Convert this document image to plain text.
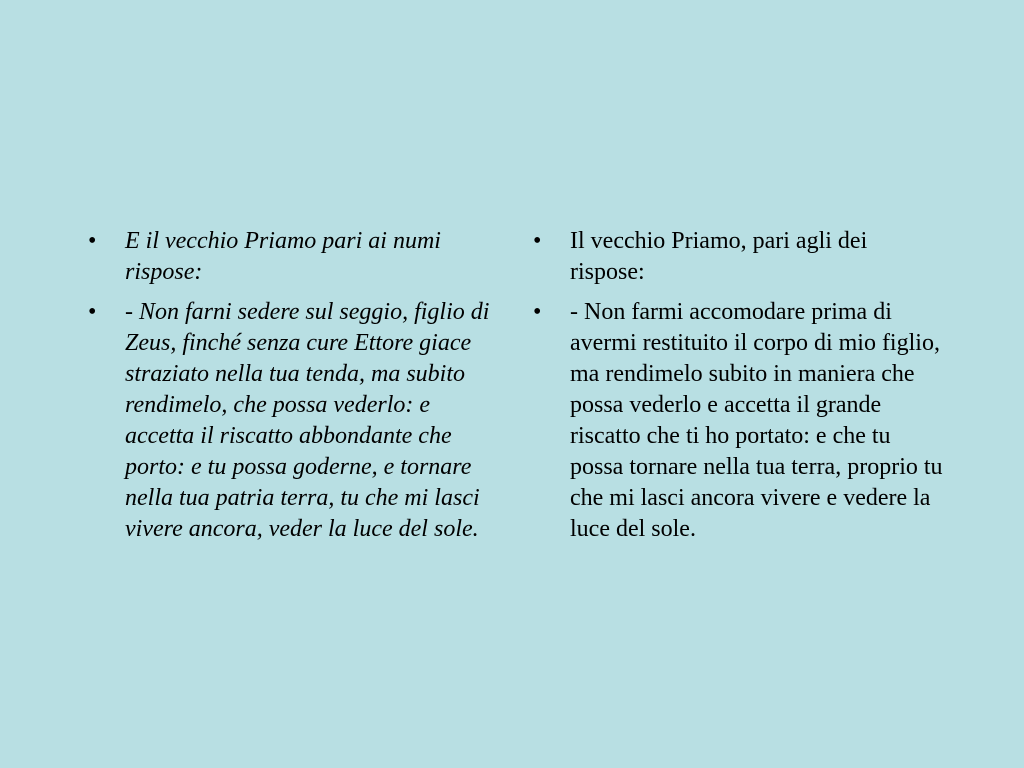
• E il vecchio Priamo pari ai numi rispose:
• - Non farni sedere sul seggio, figlio di Zeus, finché senza cure Ettore giace straziato nella tua tenda, ma subito rendimelo, che possa vederlo: e accetta il riscatto abbondante che porto: e tu possa goderne, e tornare nella tua patria terra, tu che mi lasci vivere ancora, veder la luce del sole.
• Il vecchio Priamo, pari agli dei rispose:
• - Non farmi accomodare prima di avermi restituito il corpo di mio figlio, ma rendimelo subito in maniera che possa vederlo e accetta il grande riscatto che ti ho portato: e che tu possa tornare nella tua terra, proprio tu che mi lasci ancora vivere e vedere la luce del sole.
